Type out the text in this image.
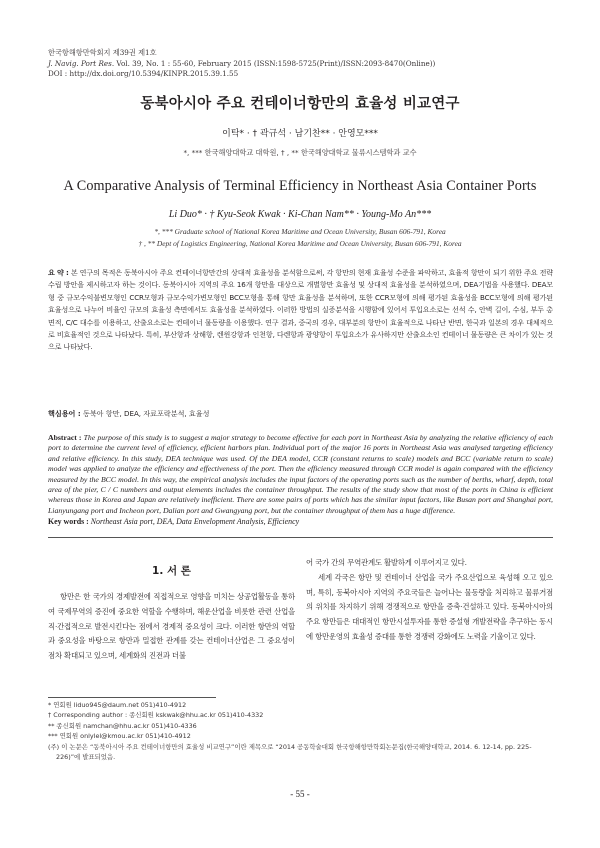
한국항해항만학회지 제39권 제1호
J. Navig. Port Res. Vol. 39, No. 1 : 55-60, February 2015 (ISSN:1598-5725(Print)/ISSN:2093-8470(Online))
DOI : http://dx.doi.org/10.5394/KINPR.2015.39.1.55
동북아시아 주요 컨테이너항만의 효율성 비교연구
이탁* · † 곽규석 · 남기찬** · 안영모***
*, *** 한국해양대학교 대학원, † , ** 한국해양대학교 물류시스템학과 교수
A Comparative Analysis of Terminal Efficiency in Northeast Asia Container Ports
Li Duo* · † Kyu-Seok Kwak · Ki-Chan Nam** · Young-Mo An***
*, *** Graduate school of National Korea Maritime and Ocean University, Busan 606-791, Korea
† , ** Dept of Logistics Engineering, National Korea Maritime and Ocean University, Busan 606-791, Korea
요 약 : 본 연구의 목적은 동북아시아 주요 컨테이너항만간의 상대적 효율성을 분석함으로써, 각 항만의 현재 효율성 수준을 파악하고, 효율적 항만이 되기 위한 주요 전략수립 방안을 제시하고자 하는 것이다. 동북아시아 지역의 주요 16개 항만을 대상으로 개별항만 효율성 및 상대적 효율성을 분석하였으며, DEA기법을 사용했다. DEA모형 중 규모수익불변모형인 CCR모형과 규모수익가변모형인 BCC모형을 통해 항만 효율성을 분석하며, 또한 CCR모형에 의해 평가된 효율성을 BCC모형에 의해 평가된 효율성으로 나누어 비율인 규모의 효율성 측면에서도 효율성을 분석하였다. 이러한 방법의 실증분석을 시행함에 있어서 투입요소로는 선석 수, 안벽 길이, 수심, 부두 총면적, C/C 대수를 이용하고, 산출요소로는 컨테이너 물동량을 이용했다. 연구 결과, 중국의 경우, 대부분의 항만이 효율적으로 나타난 반면, 한국과 일본의 경우 대체적으로 비효율적인 것으로 나타났다. 특히, 부산항과 상해항, 렌윈강항과 인천항, 다렌항과 광양항이 투입요소가 유사하지만 산출요소인 컨테이너 물동량은 큰 차이가 있는 것으로 나타났다.
핵심용어 : 동북아 항만, DEA, 자료포락분석, 효율성
Abstract : The purpose of this study is to suggest a major strategy to become effective for each port in Northeast Asia by analyzing the relative efficiency of each port to determine the current level of efficiency, efficient harbors plan. Individual port of the major 16 ports in Northeast Asia was analysed targeting efficiency and relative efficiency. In this study, DEA technique was used. Of the DEA model, CCR (constant returns to scale) models and BCC (variable return to scale) model was applied to analyze the efficiency and effectiveness of the port. Then the efficiency measured through CCR model is again compared with the efficiency measured by the BCC model. In this way, the empirical analysis includes the input factors of the operating ports such as the number of berths, wharf, depth, total area of the pier, C / C numbers and output elements includes the container throughput. The results of the study show that most of the ports in China is efficient whereas those in Korea and Japan are relatively inefficient. There are some pairs of ports which has the similar input factors, like Busan port and Shanghai port, Lianyungang port and Incheon port, Dalian port and Gwangyang port, but the container throughput of them has a huge difference.
Key words : Northeast Asia port, DEA, Data Envelopment Analysis, Efficiency
1. 서 론

항만은 한 국가의 경제발전에 직접적으로 영향을 미치는 상공업활동을 통하여 국제무역의 증진에 중요한 역할을 수행하며, 해운산업을 비롯한 관련 산업을 직·간접적으로 발전시킨다는 점에서 경제적 중요성이 크다. 이러한 항만의 역할과 중요성을 바탕으로 항만과 밀접한 관계를 갖는 컨테이너산업은 그 중요성이 점차 확대되고 있으며, 세계화의 진전과 더불

어 국가 간의 무역관계도 활발하게 이루어지고 있다.

세계 각국은 항만 및 컨테이너 산업을 국가 주요산업으로 육성해 오고 있으며, 특히, 동북아시아 지역의 주요국들은 늘어나는 물동량을 처리하고 물류거점의 위치를 차지하기 위해 경쟁적으로 항만을 증축·건설하고 있다. 동북아시아의 주요 항만들은 대대적인 항만시설투자를 통한 증설형 개발전략을 추구하는 동시에 항만운영의 효율성 증대를 통한 경쟁력 강화에도 노력을 기울이고 있다.

* 연회원 liduo945@daum.net 051)410-4912
† Corresponding author : 종신회원 kskwak@hhu.ac.kr 051)410-4332
** 종신회원 namchan@hhu.ac.kr 051)410-4336
*** 연회원 onlylel@kmou.ac.kr 051)410-4912
(주) 이 논문은 “동북아시아 주요 컨테이너항만의 효율성 비교연구”이란 제목으로 “2014 공동학술대회 한국항해항만학회논문집(한국해양대학교, 2014. 6. 12-14, pp. 225-226)”에 발표되었음.
- 55 -
